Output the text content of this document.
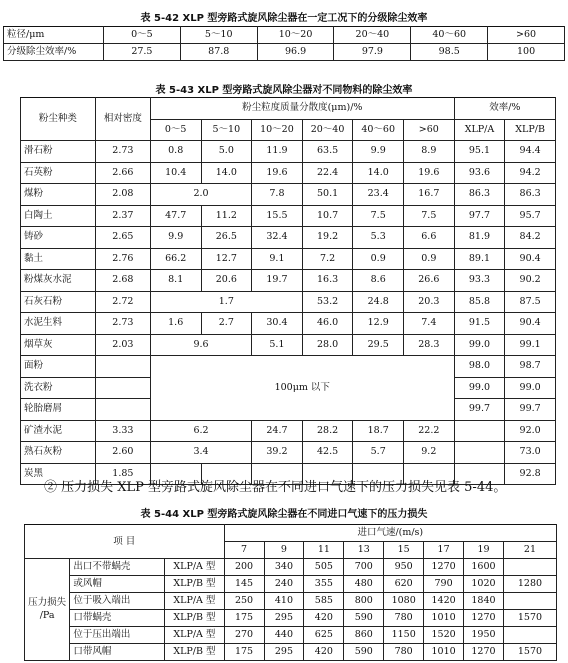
表 5-42 XLP 型旁路式旋风除尘器在一定工况下的分级除尘效率
粒径/μm	0～5	5～10	10～20	20～40	40～60	>60
分级除尘效率/%	27.5	87.8	96.9	97.9	98.5	100
表 5-43 XLP 型旁路式旋风除尘器对不同物料的除尘效率
粉尘种类	相对密度	粉尘粒度质量分散度(μm)/%						效率/%	
		0～5	5～10	10～20	20～40	40～60	>60	XLP/A	XLP/B
滑石粉	2.73	0.8	5.0	11.9	63.5	9.9	8.9	95.1	94.4
石英粉	2.66	10.4	14.0	19.6	22.4	14.0	19.6	93.6	94.2
煤粉	2.08	2.0		7.8	50.1	23.4	16.7	86.3	86.3
白陶土	2.37	47.7	11.2	15.5	10.7	7.5	7.5	97.7	95.7
铸砂	2.65	9.9	26.5	32.4	19.2	5.3	6.6	81.9	84.2
黏土	2.76	66.2	12.7	9.1	7.2	0.9	0.9	89.1	90.4
粉煤灰水泥	2.68	8.1	20.6	19.7	16.3	8.6	26.6	93.3	90.2
石灰石粉	2.72	1.7			53.2	24.8	20.3	85.8	87.5
水泥生料	2.73	1.6	2.7	30.4	46.0	12.9	7.4	91.5	90.4
烟草灰	2.03	9.6		5.1	28.0	29.5	28.3	99.0	99.1
面粉		100μm 以下						98.0	98.7
洗衣粉								99.0	99.0
轮胎磨屑								99.7	99.7
矿渣水泥	3.33	6.2		24.7	28.2	18.7	22.2		92.0
熟石灰粉	2.60	3.4		39.2	42.5	5.7	9.2		73.0
炭黑	1.85								92.8
② 压力损失 XLP 型旁路式旋风除尘器在不同进口气速下的压力损失见表 5-44。
表 5-44 XLP 型旁路式旋风除尘器在不同进口气速下的压力损失
项 目			进口气速/(m/s)							
			7	9	11	13	15	17	19	21

压力损失
/Pa	出口不带蜗壳	XLP/A 型	200	340	505	700	950	1270	1600	
	或风帽	XLP/B 型	145	240	355	480	620	790	1020	1280
	位于吸入端出	XLP/A 型	250	410	585	800	1080	1420	1840	
	口带蜗壳	XLP/B 型	175	295	420	590	780	1010	1270	1570
	位于压出端出	XLP/A 型	270	440	625	860	1150	1520	1950	
	口带风帽	XLP/B 型	175	295	420	590	780	1010	1270	1570
